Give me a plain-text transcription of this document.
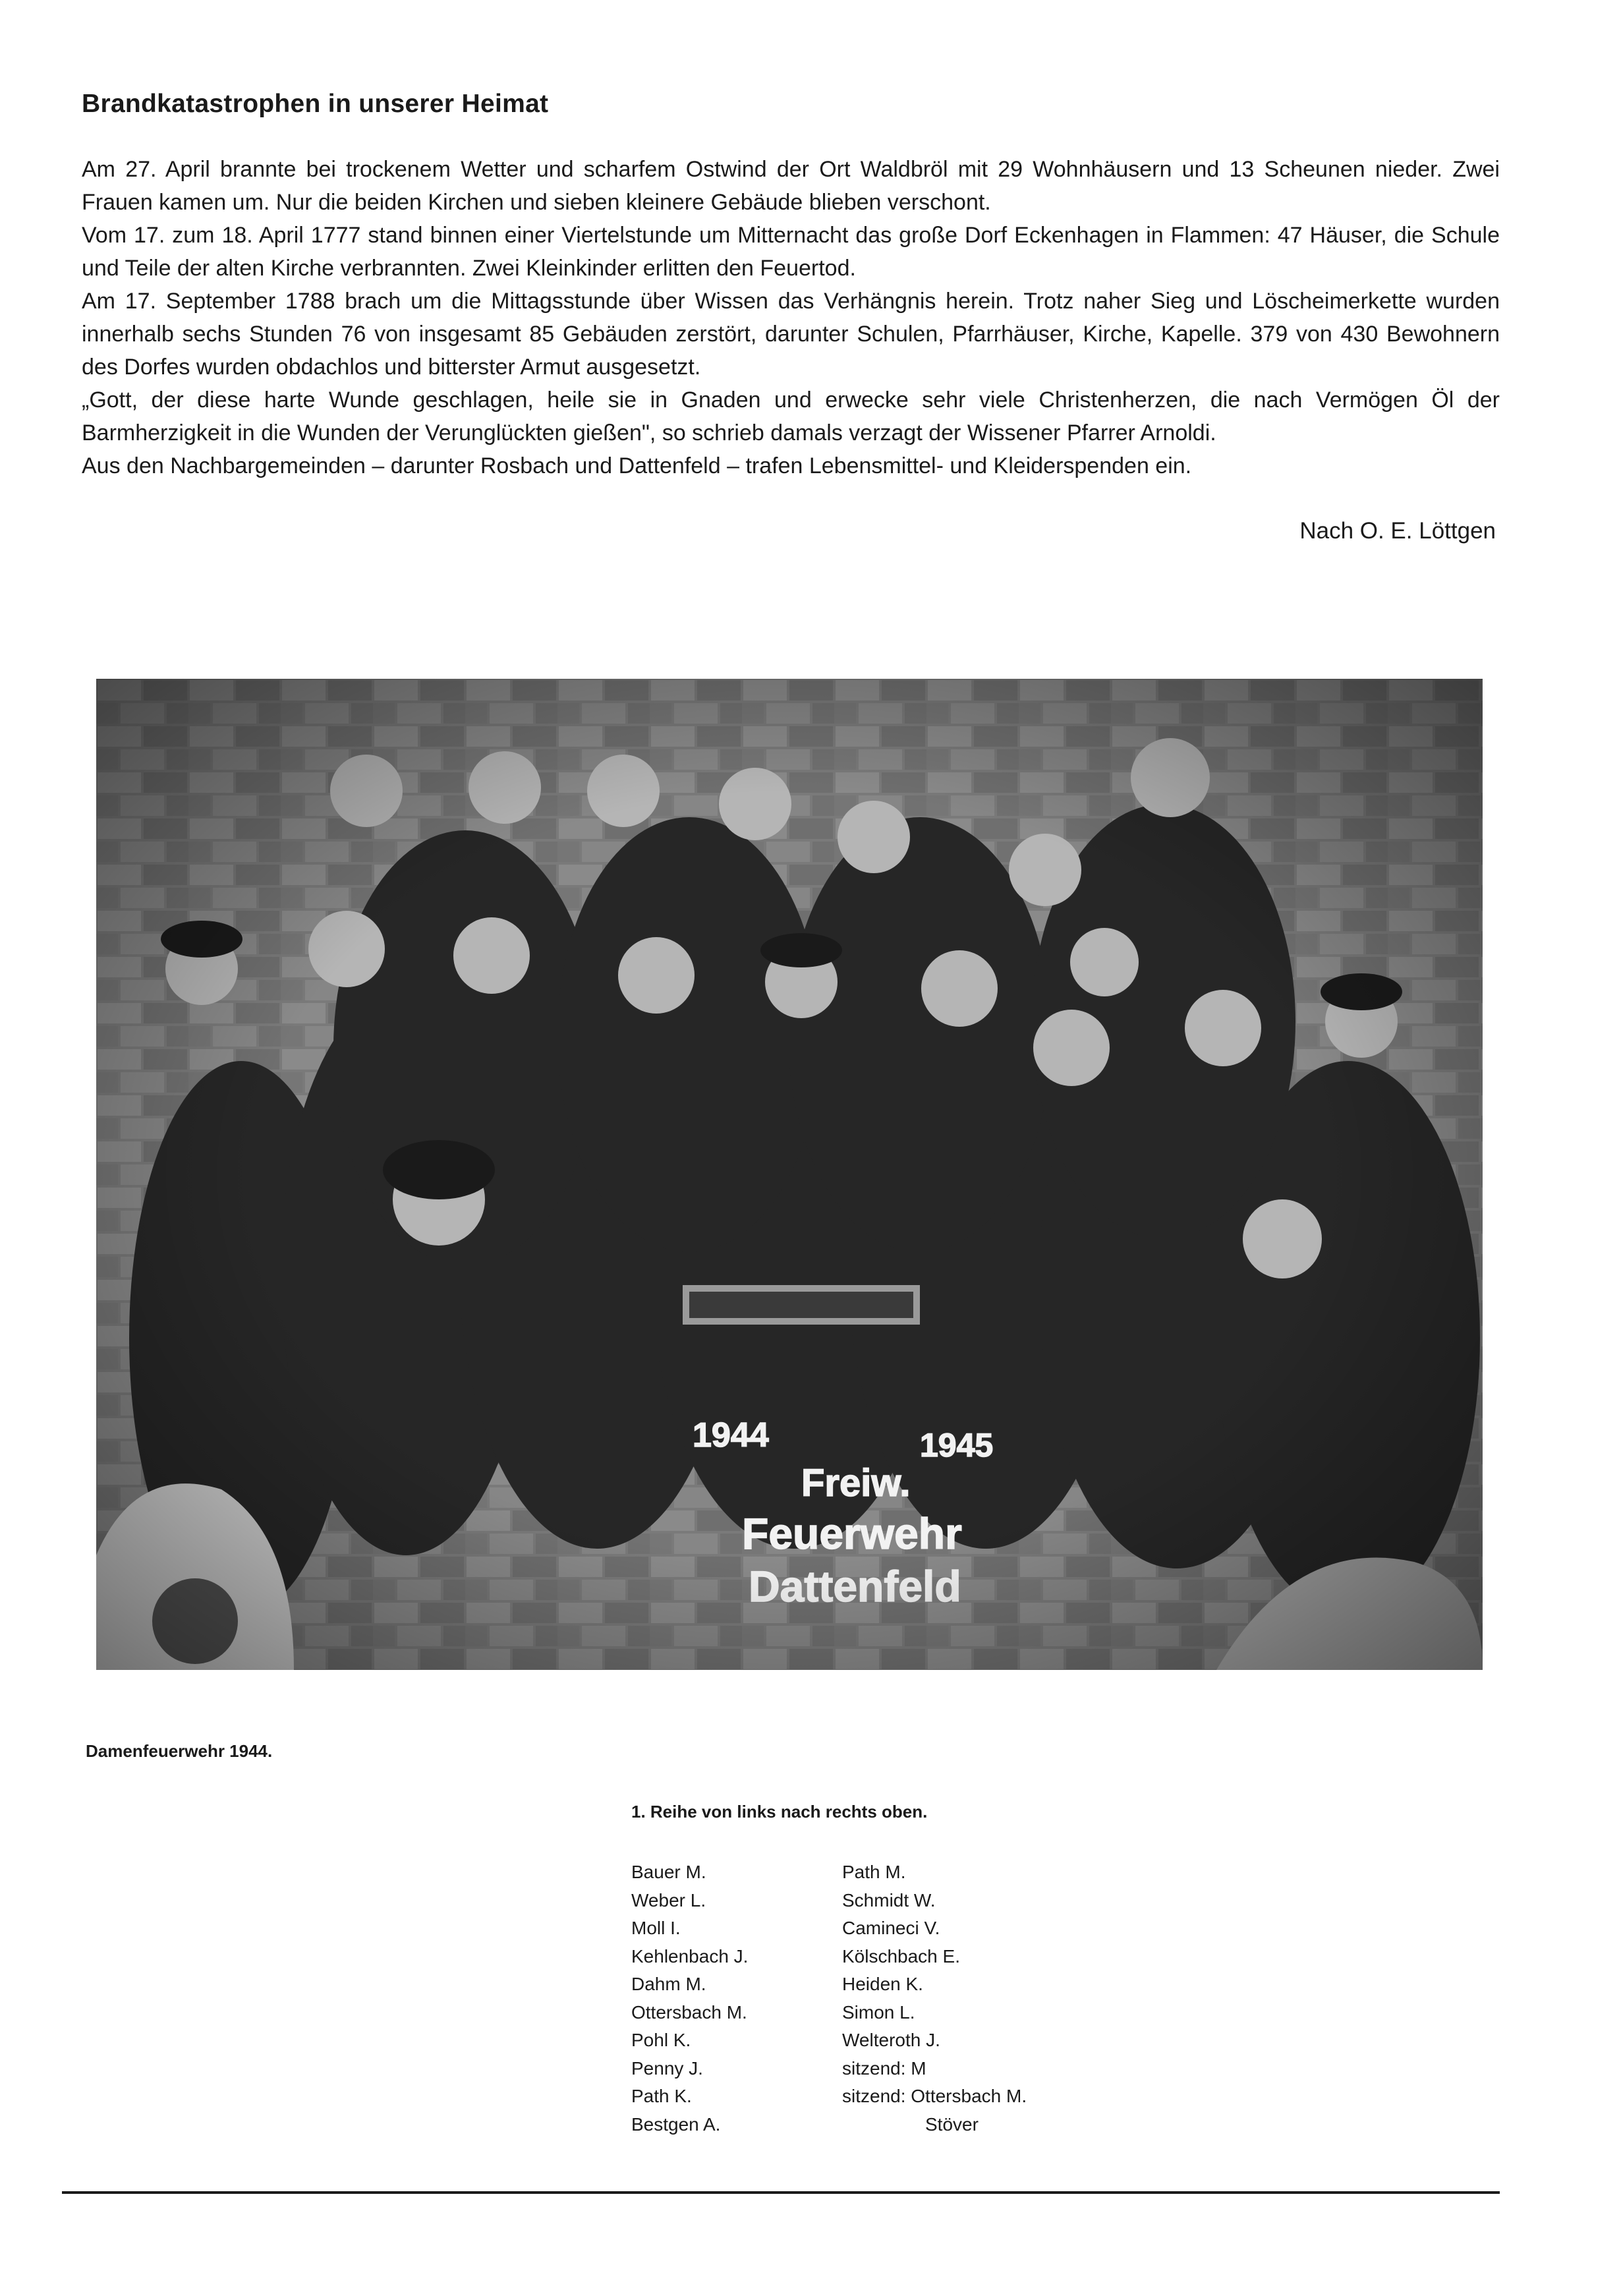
Brandkatastrophen in unserer Heimat

Am 27. April brannte bei trockenem Wetter und scharfem Ostwind der Ort Waldbröl mit 29 Wohnhäusern und 13 Scheunen nieder. Zwei Frauen kamen um. Nur die beiden Kirchen und sieben kleinere Gebäude blieben verschont.

Vom 17. zum 18. April 1777 stand binnen einer Viertelstunde um Mitternacht das große Dorf Eckenhagen in Flammen: 47 Häuser, die Schule und Teile der alten Kirche verbrannten. Zwei Kleinkinder erlitten den Feuertod.

Am 17. September 1788 brach um die Mittagsstunde über Wissen das Verhängnis herein. Trotz naher Sieg und Löscheimerkette wurden innerhalb sechs Stunden 76 von insgesamt 85 Gebäuden zerstört, darunter Schulen, Pfarrhäuser, Kirche, Kapelle. 379 von 430 Bewohnern des Dorfes wurden obdachlos und bitterster Armut ausgesetzt.

„Gott, der diese harte Wunde geschlagen, heile sie in Gnaden und erwecke sehr viele Christenherzen, die nach Vermögen Öl der Barmherzigkeit in die Wunden der Verunglückten gießen", so schrieb damals verzagt der Wissener Pfarrer Arnoldi.

Aus den Nachbargemeinden – darunter Rosbach und Dattenfeld – trafen Lebensmittel- und Kleiderspenden ein.

Nach O. E. Löttgen
Damenfeuerwehr 1944.
1. Reihe von links nach rechts oben.
Bauer M.
Weber L.
Moll I.
Kehlenbach J.
Dahm M.
Ottersbach M.
Pohl K.
Penny J.
Path K.
Bestgen A.
Path M.
Schmidt W.
Camineci V.
Kölschbach E.
Heiden K.
Simon L.
Welteroth J.
sitzend: M
sitzend: Ottersbach M.
Stöver
